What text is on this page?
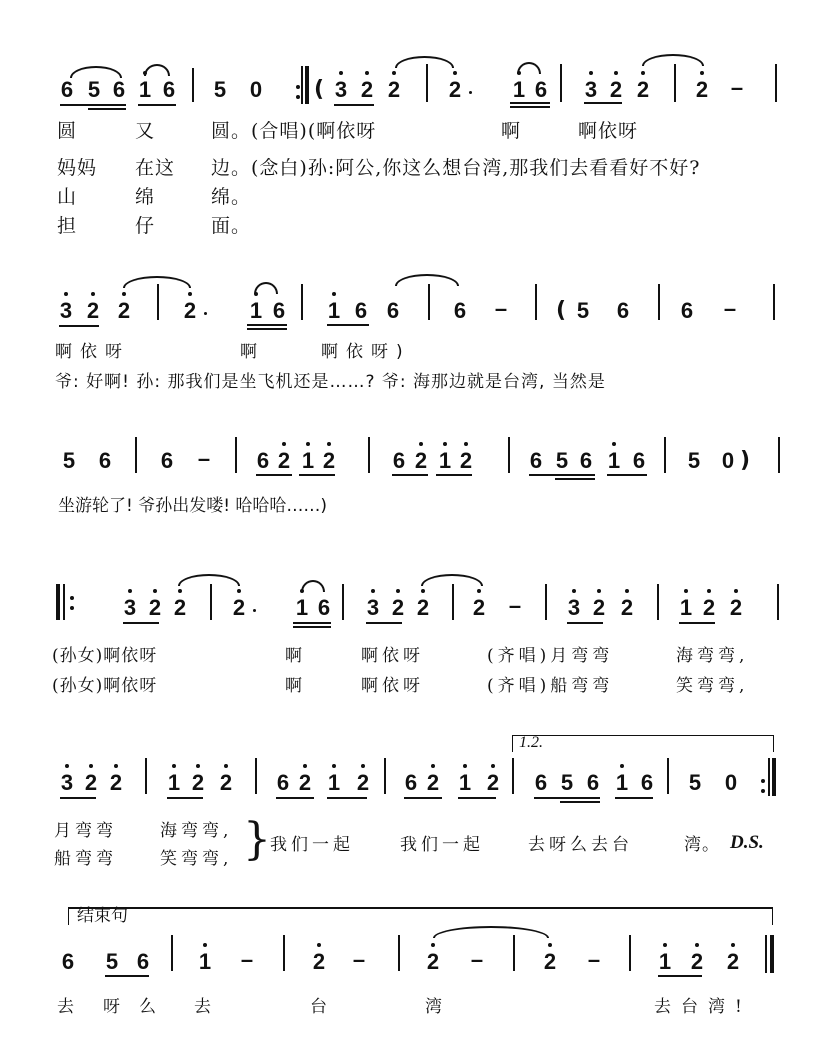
6 5 6 1 6 5 0 ( 3 2 2 2 1 6 3 2 2 2 –
圆	又	圆。(合唱)(啊依呀	啊	啊依呀
妈妈 在这 边。(念白)孙:阿公,你这么想台湾,那我们去看看好不好?
山	绵	绵。
担	仔	面。
3 2 2 2 1 6 1 6 6 6 – ( 5 6 6 –
啊依呀	啊	啊依呀)
爷: 好啊! 孙: 那我们是坐飞机还是……? 爷: 海那边就是台湾, 当然是
5 6 6 – 6 2 1 2	6 2 1 2	6 5 6 1 6 5 0 )
坐游轮了! 爷孙出发喽! 哈哈哈……)
3 2 2 2 1 6 3 2 2 2 – 3 2 2 1 2 2
(孙女)啊依呀	啊	啊依呀	(齐唱)月弯弯	海弯弯,
(孙女)啊依呀	啊	啊依呀	(齐唱)船弯弯	笑弯弯,
1.2.
3 2 2 1 2 2 6 2 1 2 6 2 1 2 6 5 6 1 6 5 0
月弯弯	海弯弯,
船弯弯	笑弯弯, } 我们一起	我们一起	去呀么去台	湾。 D.S.
结束句
6 5 6 1 –	2 –	2 –	2 –	1 2 2
去 呀 么 去	台	湾	去台湾!
